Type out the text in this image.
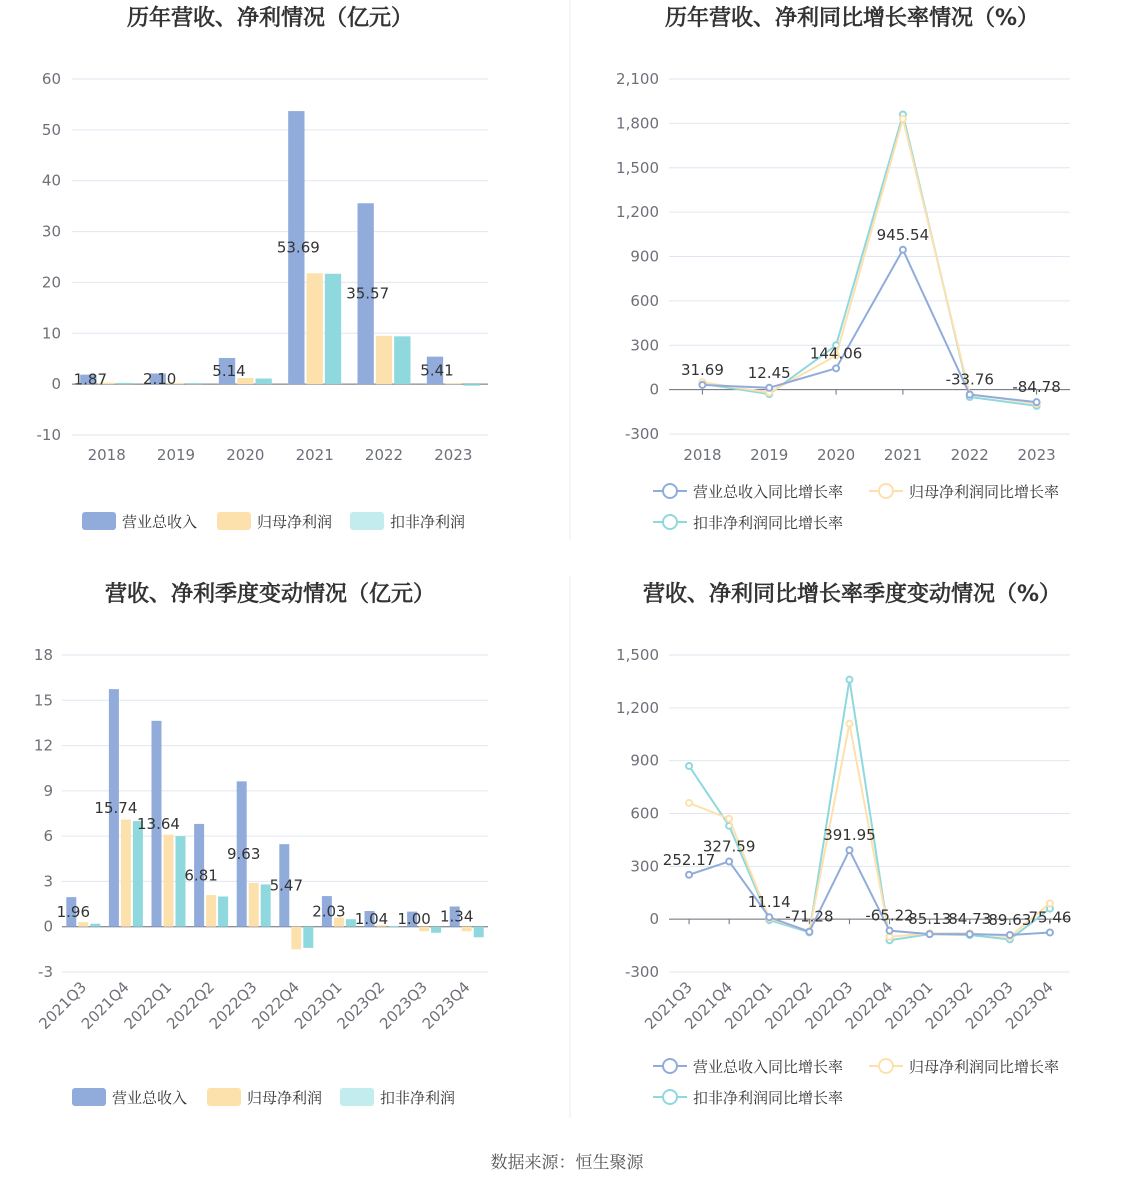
历年营收、净利情况（亿元）
-10
0
10
20
30
40
50
60
2018 2019 2020 2021 2022 2023
1.87 2.10 5.14
53.69
35.57
5.41
营业总收入	归母净利润	扣非净利润
历年营收、净利同比增长率情况（%）
-300
0
300
600
900
1,200
1,500
1,800
2,100
2018 2019 2020 2021 2022 2023
31.69 12.45
144.06
945.54
-33.76 -84.78
营业总收入同比增长率	归母净利润同比增长率
扣非净利润同比增长率
营收、净利季度变动情况（亿元）
-3
0
3
6
9
12
15
18
2021Q3
2021Q4
2022Q1
2022Q2
2022Q3
2022Q4
2023Q1
2023Q2
2023Q3
2023Q4
1.96
15.74
13.64
6.81
9.63
5.47
2.03 1.04 1.00 1.34
营业总收入	归母净利润	扣非净利润
营收、净利同比增长率季度变动情况（%）
-300
0
300
600
900
1,200
1,500
2021Q3
2021Q4
2022Q1
2022Q2
2022Q3
2022Q4
2023Q1
2023Q2
2023Q3
2023Q4
252.17
327.59
11.14
-71.28
391.95
-65.22
85.13
84.73
89.63
75.46
营业总收入同比增长率	归母净利润同比增长率
扣非净利润同比增长率
数据来源：恒生聚源
